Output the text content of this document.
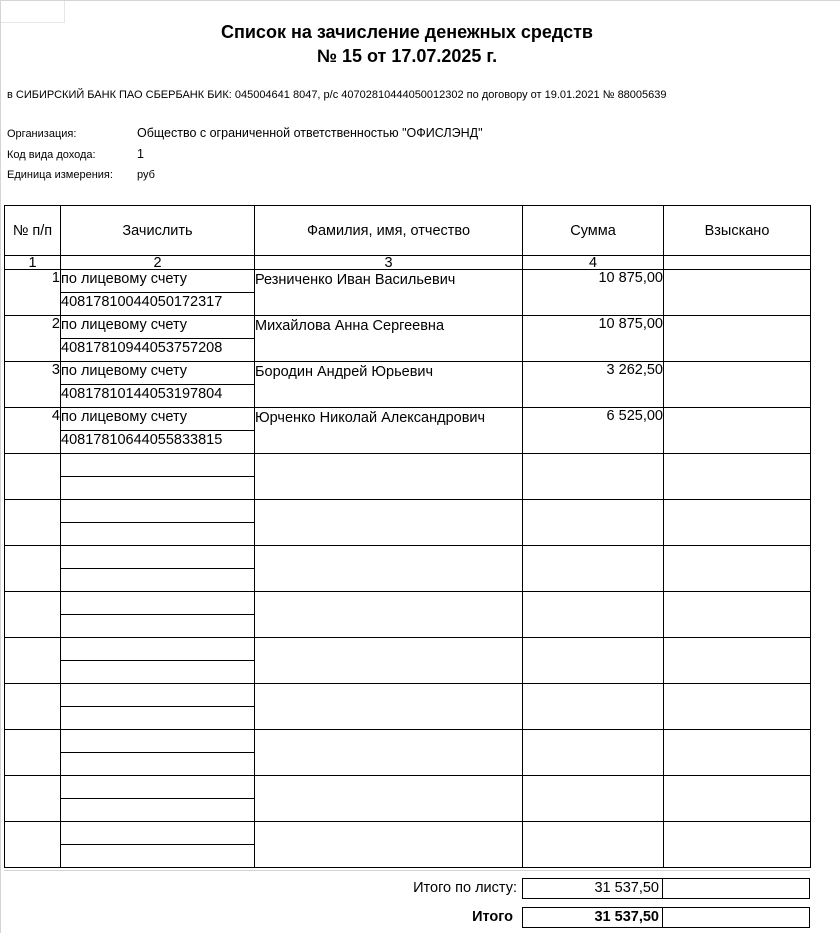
Список на зачисление денежных средств
№ 15 от 17.07.2025 г.
в СИБИРСКИЙ БАНК ПАО СБЕРБАНК БИК: 045004641 8047, р/с 40702810444050012302 по договору от 19.01.2021 № 88005639
Организация:	Общество с ограниченной ответственностью "ОФИСЛЭНД"
Код вида дохода:	1
Единица измерения: руб
№ п/п	Зачислить	Фамилия, имя, отчество	Сумма	Взыскано
1	2	3	4	
1	по лицевому счету	Резниченко Иван Васильевич	10 875,00	
	40817810044050172317			
2	по лицевому счету	Михайлова Анна Сергеевна	10 875,00	
	40817810944053757208			
3	по лицевому счету	Бородин Андрей Юрьевич	3 262,50	
	40817810144053197804			
4	по лицевому счету	Юрченко Николай Александрович	6 525,00	
	40817810644055833815			

Итого по листу:	31 537,50
Итого	31 537,50
